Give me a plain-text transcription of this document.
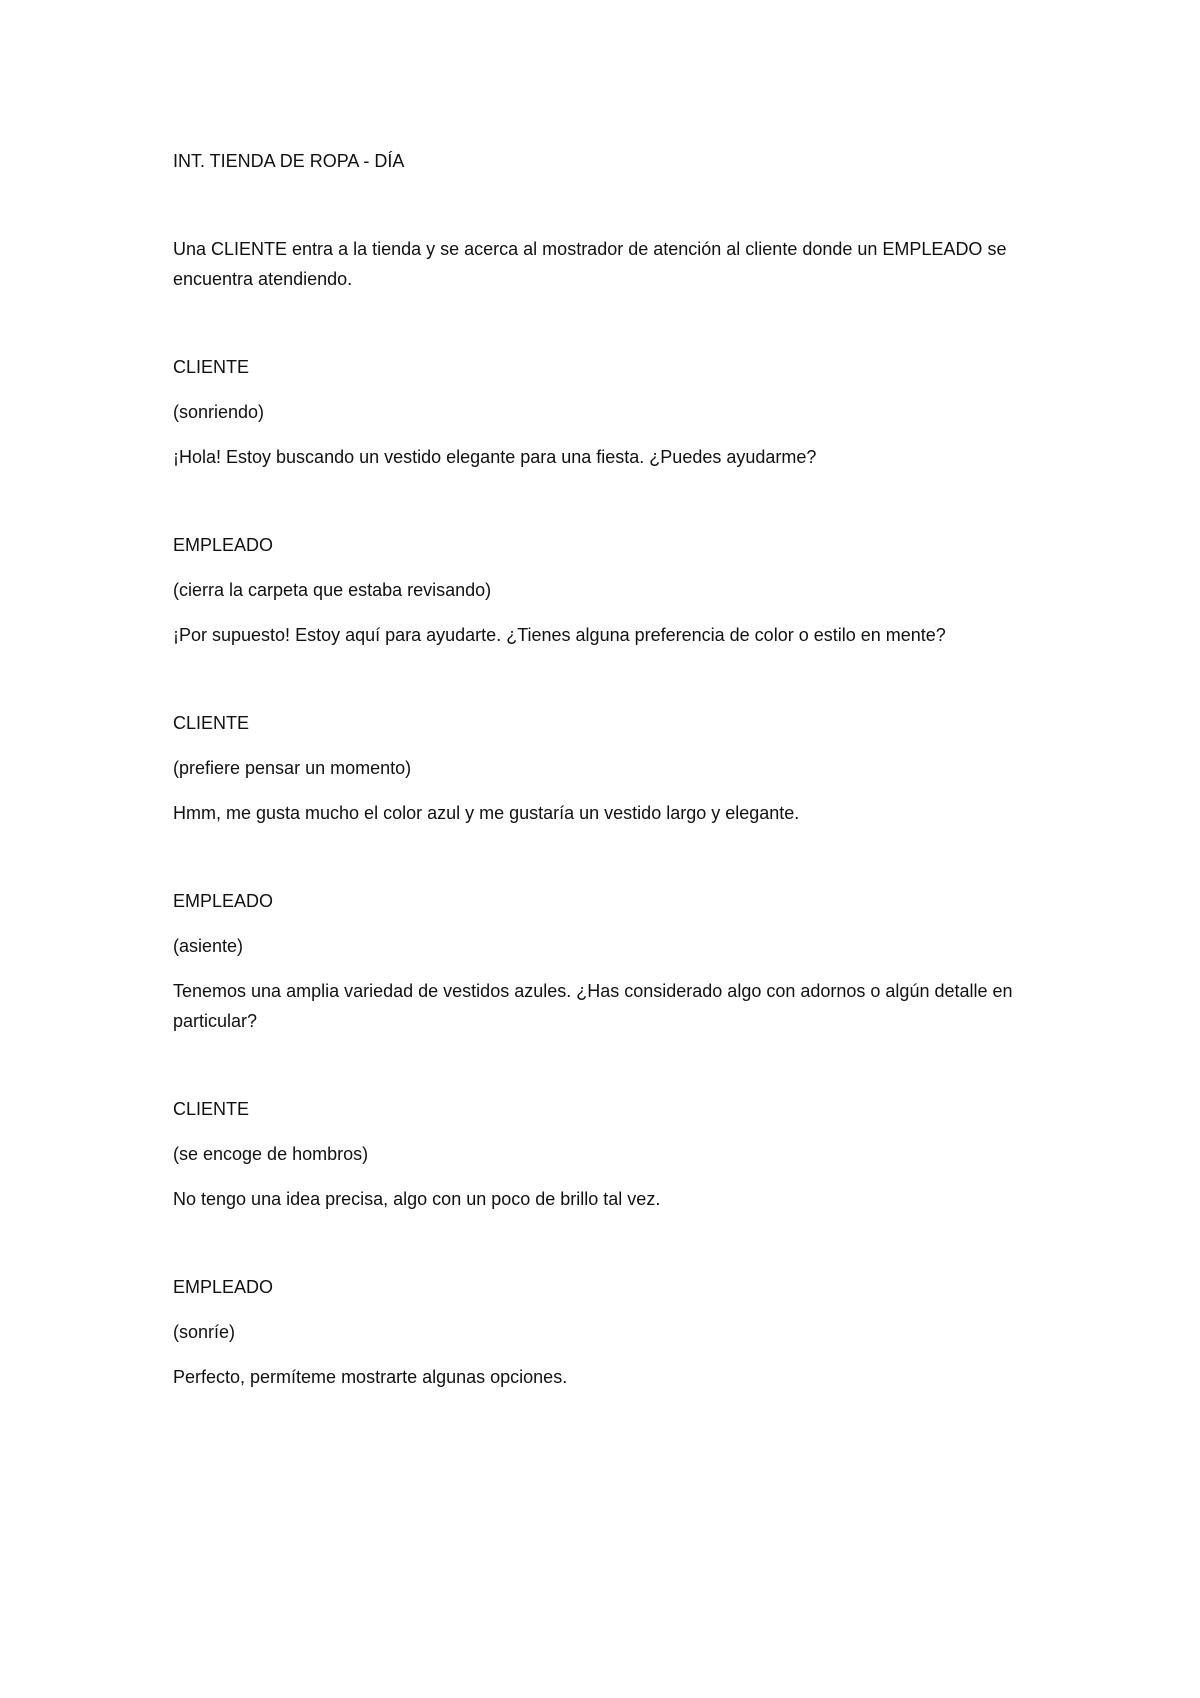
INT. TIENDA DE ROPA - DÍA

Una CLIENTE entra a la tienda y se acerca al mostrador de atención al cliente donde un EMPLEADO se encuentra atendiendo.

CLIENTE

(sonriendo)

¡Hola! Estoy buscando un vestido elegante para una fiesta. ¿Puedes ayudarme?

EMPLEADO

(cierra la carpeta que estaba revisando)

¡Por supuesto! Estoy aquí para ayudarte. ¿Tienes alguna preferencia de color o estilo en mente?

CLIENTE

(prefiere pensar un momento)

Hmm, me gusta mucho el color azul y me gustaría un vestido largo y elegante.

EMPLEADO

(asiente)

Tenemos una amplia variedad de vestidos azules. ¿Has considerado algo con adornos o algún detalle en particular?

CLIENTE

(se encoge de hombros)

No tengo una idea precisa, algo con un poco de brillo tal vez.

EMPLEADO

(sonríe)

Perfecto, permíteme mostrarte algunas opciones.
